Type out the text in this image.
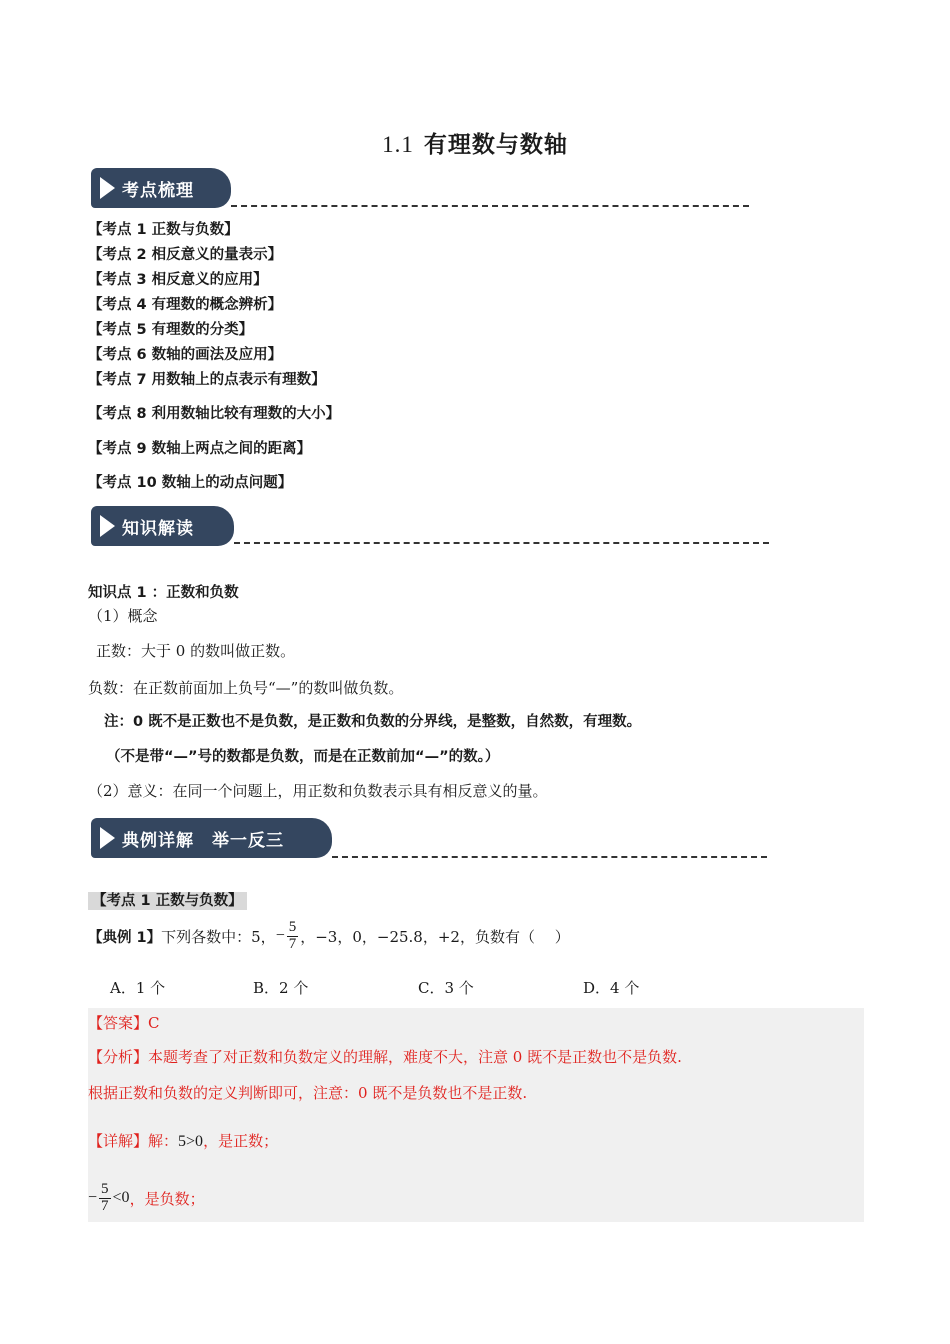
1.1 有理数与数轴
考点梳理
【考点 1 正数与负数】
【考点 2 相反意义的量表示】
【考点 3 相反意义的应用】
【考点 4 有理数的概念辨析】
【考点 5 有理数的分类】
【考点 6 数轴的画法及应用】
【考点 7 用数轴上的点表示有理数】
【考点 8 利用数轴比较有理数的大小】
【考点 9 数轴上两点之间的距离】
【考点 10 数轴上的动点问题】
知识解读
知识点 1 ：正数和负数
（1）概念
正数：大于 0 的数叫做正数。
负数：在正数前面加上负号“—”的数叫做负数。
注：0 既不是正数也不是负数，是正数和负数的分界线，是整数，自然数，有理数。
（不是带“—”号的数都是负数，而是在正数前加“—”的数。）
（2）意义：在同一个问题上，用正数和负数表示具有相反意义的量。
典例详解　举一反三
【考点 1 正数与负数】
【典例 1】 下列各数中：5， − $\frac{5}{7}$ ，−3，0，−25.8，+2，负数有（　 ）
A．1 个	B．2 个	C．3 个	D．4 个
【答案】C
【分析】本题考查了对正数和负数定义的理解，难度不大，注意 0 既不是正数也不是负数.
根据正数和负数的定义判断即可，注意：0 既不是负数也不是正数.
【详解】解：5>0，是正数；
− $\frac{5}{7} <0$ ，是负数；
